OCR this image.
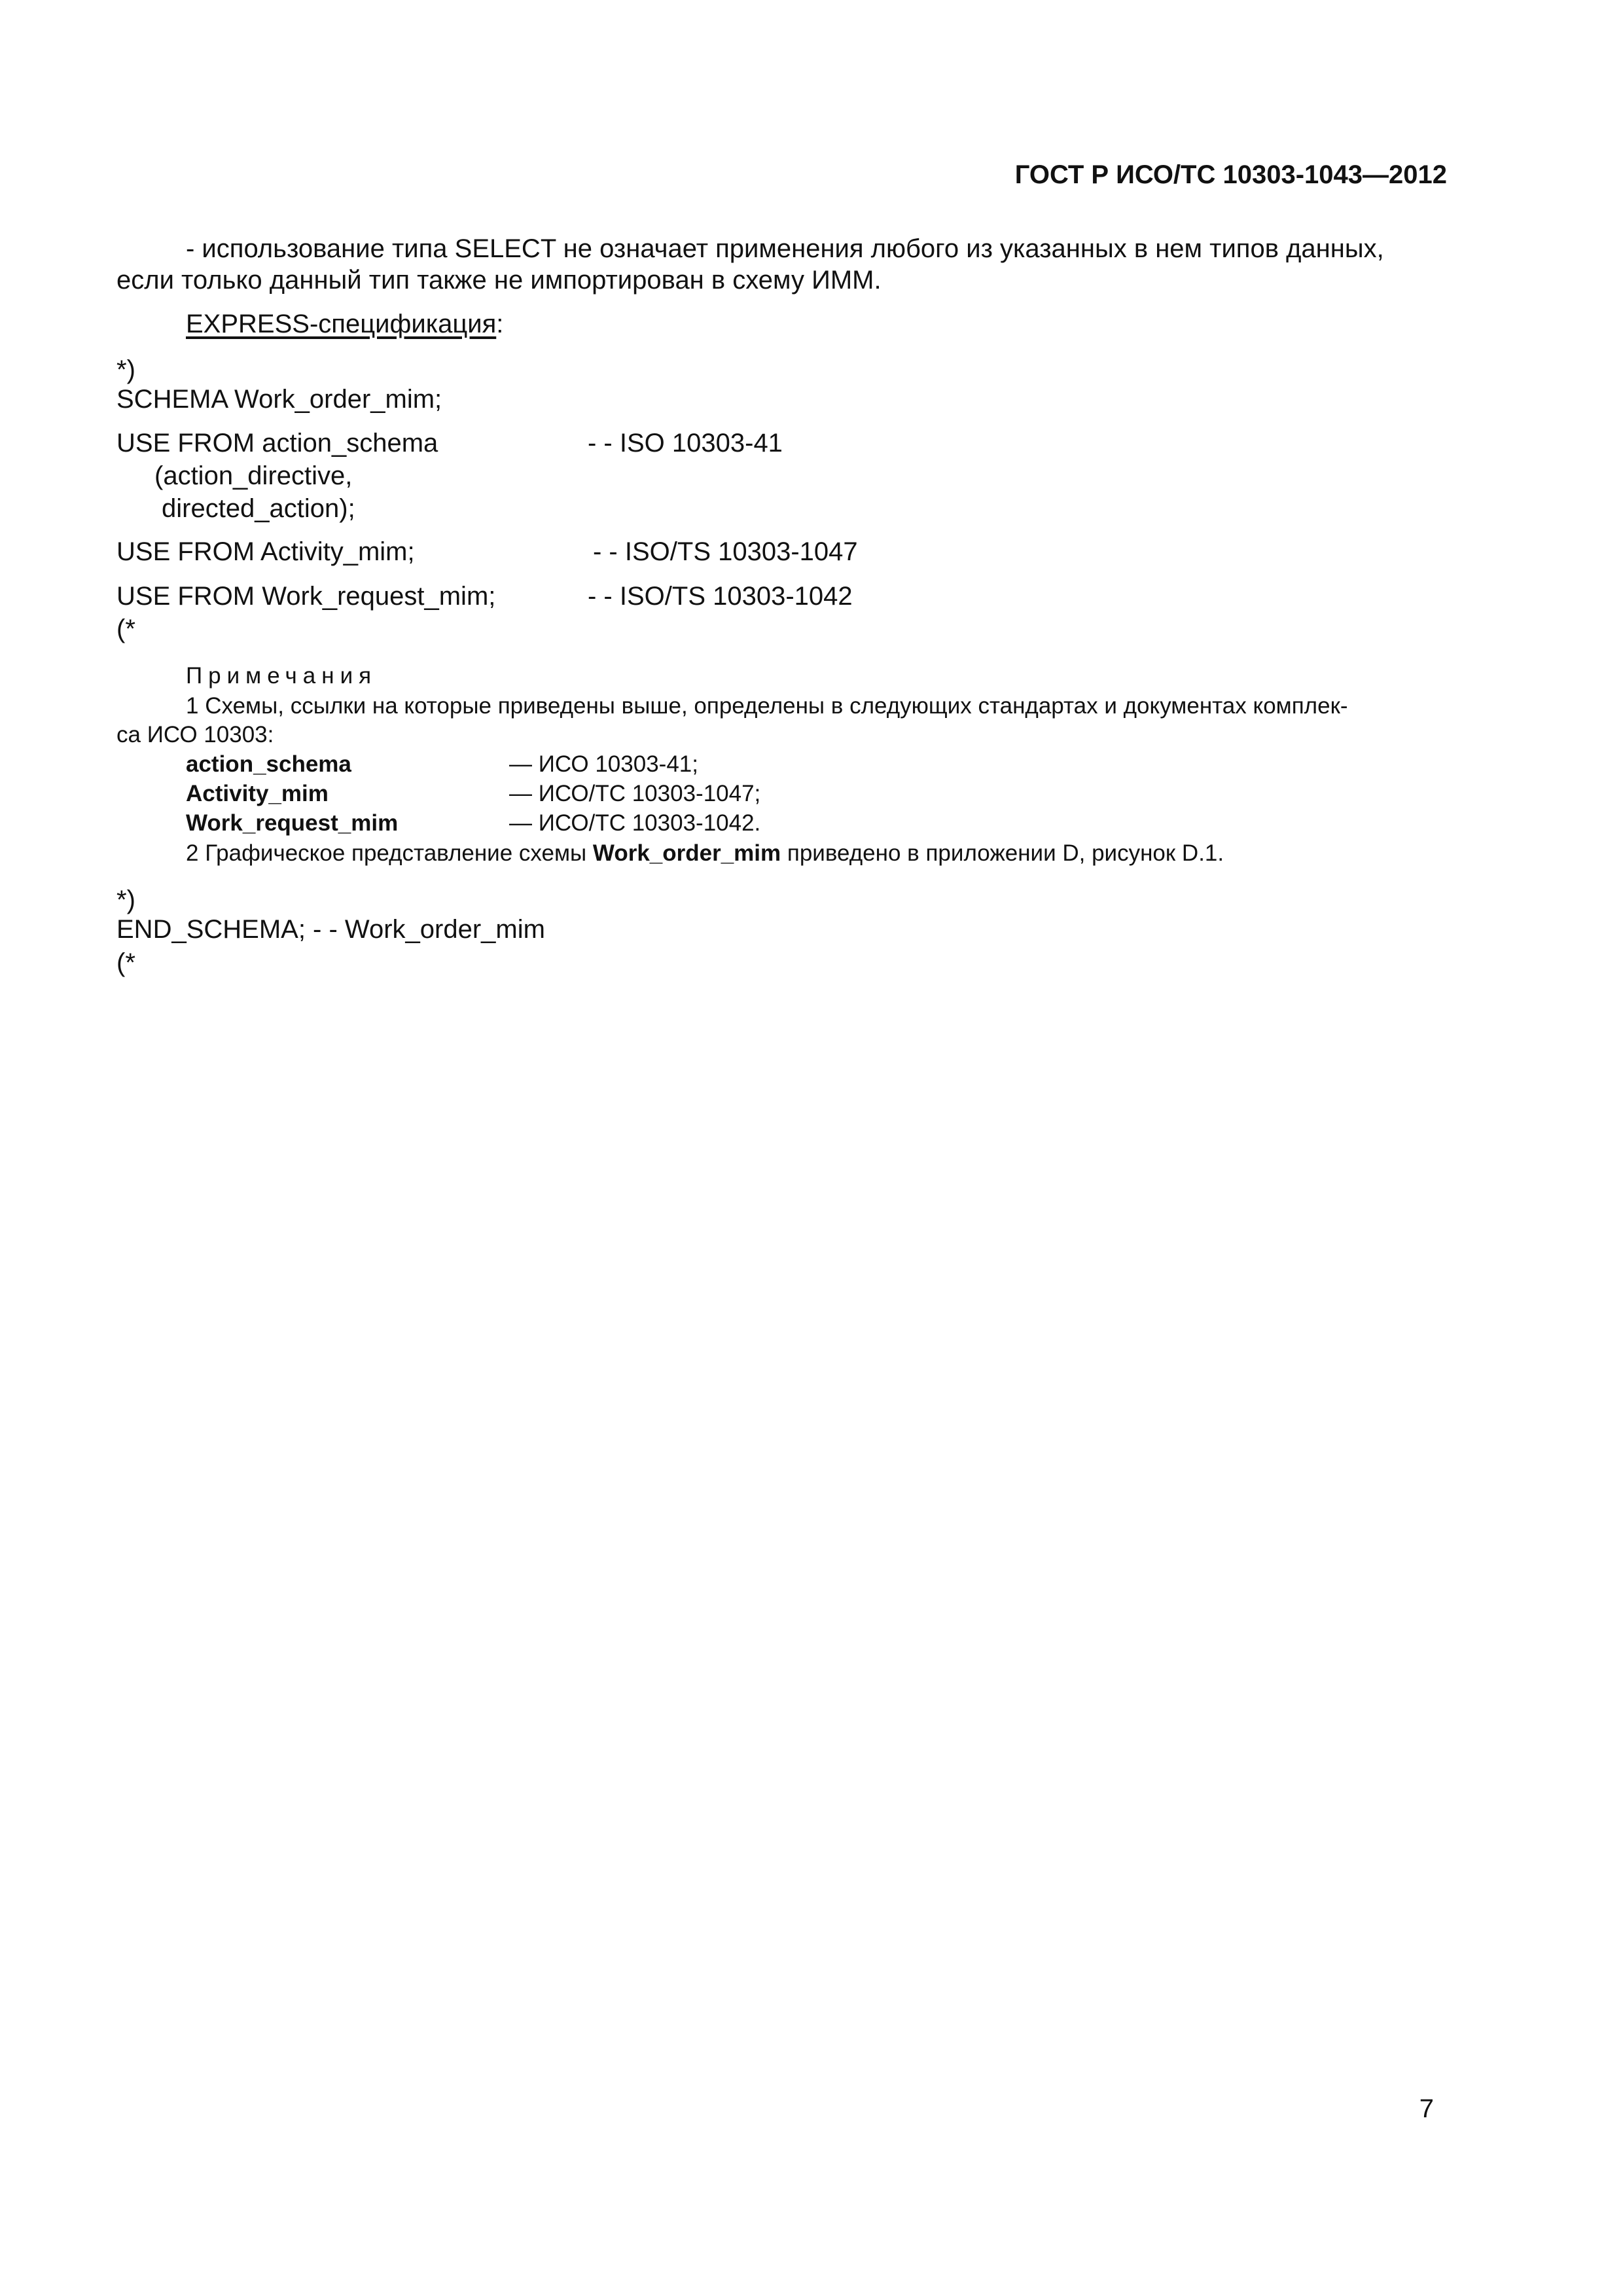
ГОСТ Р ИСО/ТС 10303-1043—2012
- использование типа SELECT не означает применения любого из указанных в нем типов данных,
если только данный тип также не импортирован в схему ИММ.
EXPRESS-спецификация:
*)
SCHEMA Work_order_mim;
USE FROM action_schema	- - ISO 10303-41
(action_directive,
directed_action);
USE FROM Activity_mim;	- - ISO/TS 10303-1047
USE FROM Work_request_mim;	- - ISO/TS 10303-1042
(*
Примечания
1 Схемы, ссылки на которые приведены выше, определены в следующих стандартах и документах комплек-
са ИСО 10303:
action_schema	— ИСО 10303-41;
Activity_mim	— ИСО/ТС 10303-1047;
Work_request_mim	— ИСО/ТС 10303-1042.
2 Графическое представление схемы Work_order_mim приведено в приложении D, рисунок D.1.
*)
END_SCHEMA; - - Work_order_mim
(*
7
